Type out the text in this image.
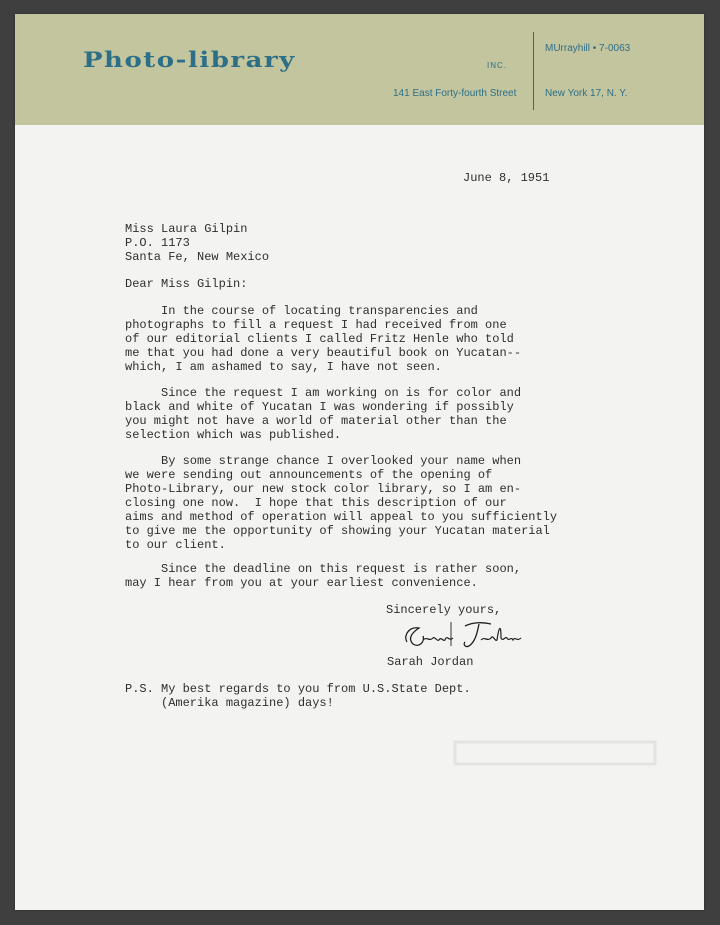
Photo-library	INC.
141 East Forty-fourth Street
MUrrayhill • 7-0063
New York 17, N. Y.

June 8, 1951

Miss Laura Gilpin
P.O. 1173
Santa Fe, New Mexico

Dear Miss Gilpin:

In the course of locating transparencies and
photographs to fill a request I had received from one
of our editorial clients I called Fritz Henle who told
me that you had done a very beautiful book on Yucatan--
which, I am ashamed to say, I have not seen.

Since the request I am working on is for color and
black and white of Yucatan I was wondering if possibly
you might not have a world of material other than the
selection which was published.

By some strange chance I overlooked your name when
we were sending out announcements of the opening of
Photo-Library, our new stock color library, so I am en-
closing one now.  I hope that this description of our
aims and method of operation will appeal to you sufficiently
to give me the opportunity of showing your Yucatan material
to our client.

Since the deadline on this request is rather soon,
may I hear from you at your earliest convenience.

Sincerely yours,

Sarah Jordan

P.S. My best regards to you from U.S.State Dept.
(Amerika magazine) days!
